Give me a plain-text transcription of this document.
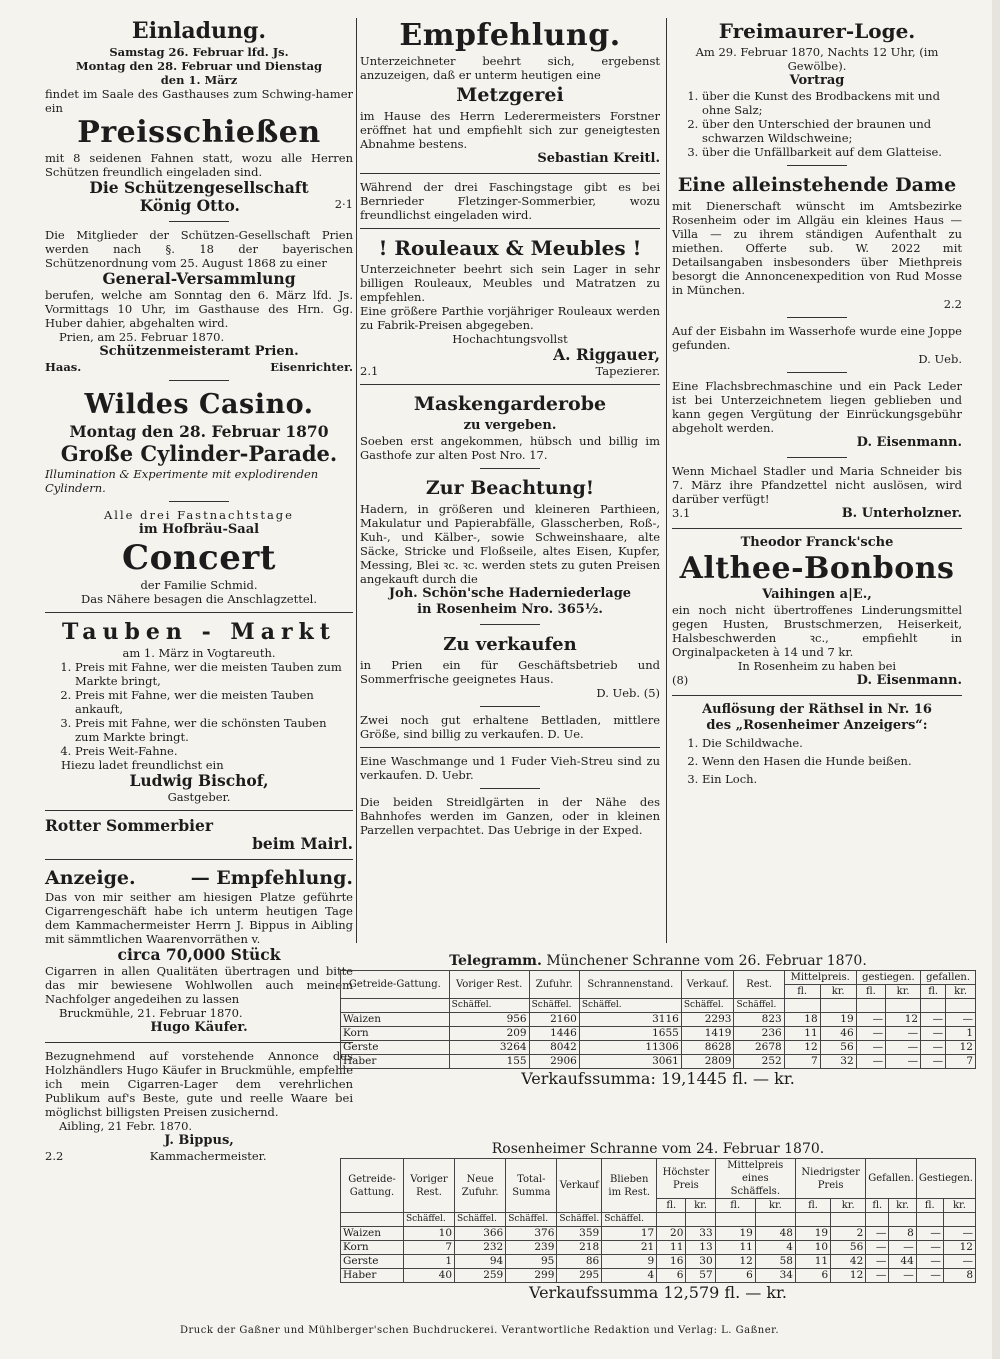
Einladung.
Samstag 26. Februar lfd. Js.
Montag den 28. Februar und Dienstag
den 1. März
findet im Saale des Gasthauses zum Schwing-hamer ein
Preisschießen
mit 8 seidenen Fahnen statt, wozu alle Herren Schützen freundlich eingeladen sind.
Die Schützengesellschaft
König Otto.	2·1
Die Mitglieder der Schützen-Gesellschaft Prien werden nach §. 18 der bayerischen Schützenordnung vom 25. August 1868 zu einer
General-Versammlung
berufen, welche am Sonntag den 6. März lfd. Js. Vormittags 10 Uhr, im Gasthause des Hrn. Gg. Huber dahier, abgehalten wird.
Prien, am 25. Februar 1870.
Schützenmeisteramt Prien.
Haas.	Eisenrichter.
Wildes Casino.
Montag den 28. Februar 1870
Große Cylinder-Parade.
Illumination & Experimente mit explodirenden Cylindern.
Alle drei Fastnachtstage
im Hofbräu-Saal
Concert
der Familie Schmid.
Das Nähere besagen die Anschlagzettel.
Tauben - Markt
am 1. März in Vogtareuth.
1. Preis mit Fahne, wer die meisten Tauben zum Markte bringt,
2. Preis mit Fahne, wer die meisten Tauben ankauft,
3. Preis mit Fahne, wer die schönsten Tauben zum Markte bringt.
4. Preis Weit-Fahne.
Hiezu ladet freundlichst ein
Ludwig Bischof,
Gastgeber.
Rotter Sommerbier
beim Mairl.
Anzeige.	— Empfehlung.
Das von mir seither am hiesigen Platze geführte Cigarrengeschäft habe ich unterm heutigen Tage dem Kammachermeister Herrn J. Bippus in Aibling mit sämmtlichen Waarenvorräthen v.
circa 70,000 Stück
Cigarren in allen Qualitäten übertragen und bitte das mir bewiesene Wohlwollen auch meinem Nachfolger angedeihen zu lassen
Bruckmühle, 21. Februar 1870.
Hugo Käufer.
Bezugnehmend auf vorstehende Annonce des Holzhändlers Hugo Käufer in Bruckmühle, empfehle ich mein Cigarren-Lager dem verehrlichen Publikum auf's Beste, gute und reelle Waare bei möglichst billigsten Preisen zusichernd.
Aibling, 21 Febr. 1870.
J. Bippus,
2.2	Kammachermeister.
Empfehlung.
Unterzeichneter beehrt sich, ergebenst anzuzeigen, daß er unterm heutigen eine
Metzgerei
im Hause des Herrn Lederermeisters Forstner eröffnet hat und empfiehlt sich zur geneigtesten Abnahme bestens.
Sebastian Kreitl.
Während der drei Faschingstage gibt es bei Bernrieder Fletzinger-Sommerbier, wozu freundlichst eingeladen wird.
! Rouleaux & Meubles !
Unterzeichneter beehrt sich sein Lager in sehr billigen Rouleaux, Meubles und Matratzen zu empfehlen.
Eine größere Parthie vorjähriger Rouleaux werden zu Fabrik-Preisen abgegeben.
Hochachtungsvollst
A. Riggauer,
2.1	Tapezierer.
Maskengarderobe
zu vergeben.
Soeben erst angekommen, hübsch und billig im Gasthofe zur alten Post Nro. 17.
Zur Beachtung!
Hadern, in größeren und kleineren Parthieen, Makulatur und Papierabfälle, Glasscherben, Roß-, Kuh-, und Kälber-, sowie Schweinshaare, alte Säcke, Stricke und Floßseile, altes Eisen, Kupfer, Messing, Blei ꝛc. ꝛc. werden stets zu guten Preisen angekauft durch die
Joh. Schön'sche Haderniederlage
in Rosenheim Nro. 365½.
Zu verkaufen
in Prien ein für Geschäftsbetrieb und Sommerfrische geeignetes Haus.
D. Ueb. (5)
Zwei noch gut erhaltene Bettladen, mittlere Größe, sind billig zu verkaufen. D. Ue.
Eine Waschmange und 1 Fuder Vieh-Streu sind zu verkaufen. D. Uebr.
Die beiden Streidlgärten in der Nähe des Bahnhofes werden im Ganzen, oder in kleinen Parzellen verpachtet. Das Uebrige in der Exped.
Freimaurer-Loge.
Am 29. Februar 1870, Nachts 12 Uhr, (im Gewölbe).
Vortrag
1. über die Kunst des Brodbackens mit und ohne Salz;
2. über den Unterschied der braunen und schwarzen Wildschweine;
3. über die Unfällbarkeit auf dem Glatteise.
Eine alleinstehende Dame
mit Dienerschaft wünscht im Amtsbezirke Rosenheim oder im Allgäu ein kleines Haus — Villa — zu ihrem ständigen Aufenthalt zu miethen. Offerte sub. W. 2022 mit Detailsangaben insbesonders über Miethpreis besorgt die Annoncenexpedition von Rud Mosse in München.
2.2
Auf der Eisbahn im Wasserhofe wurde eine Joppe gefunden.
D. Ueb.
Eine Flachsbrechmaschine und ein Pack Leder ist bei Unterzeichnetem liegen geblieben und kann gegen Vergütung der Einrückungsgebühr abgeholt werden.
D. Eisenmann.
Wenn Michael Stadler und Maria Schneider bis 7. März ihre Pfandzettel nicht auslösen, wird darüber verfügt!
3.1	B. Unterholzner.
Theodor Franck'sche
Althee-Bonbons
Vaihingen a|E.,
ein noch nicht übertroffenes Linderungsmittel gegen Husten, Brustschmerzen, Heiserkeit, Halsbeschwerden ꝛc., empfiehlt in Orginalpacketen à 14 und 7 kr.
In Rosenheim zu haben bei
(8)	D. Eisenmann.
Auflösung der Räthsel in Nr. 16
des „Rosenheimer Anzeigers“:
1. Die Schildwache.
2. Wenn den Hasen die Hunde beißen.
3. Ein Loch.
Telegramm. Münchener Schranne vom 26. Februar 1870.
Getreide-Gattung.	Voriger Rest.	Zufuhr.	Schrannenstand.	Verkauf.	Rest.	Mittelpreis.		gestiegen.		gefallen.	
						fl.	kr.	fl.	kr.	fl.	kr.
	Schäffel.	Schäffel.	Schäffel.	Schäffel.	Schäffel.						
Waizen	956	2160	3116	2293	823	18	19	—	12	—	—
Korn	209	1446	1655	1419	236	11	46	—	—	—	1
Gerste	3264	8042	11306	8628	2678	12	56	—	—	—	12
Haber	155	2906	3061	2809	252	7	32	—	—	—	7
Verkaufssumma: 19,1445 fl. — kr.
Rosenheimer Schranne vom 24. Februar 1870.
Getreide-Gattung.	Voriger Rest.	Neue Zufuhr.	Total-Summa	Verkauf	Blieben im Rest.	Höchster Preis		Mittelpreis eines Schäffels.		Niedrigster Preis		Gefallen.		Gestiegen.	
						fl.	kr.	fl.	kr.	fl.	kr.	fl.	kr.	fl.	kr.
	Schäffel.	Schäffel.	Schäffel.	Schäffel.	Schäffel.										
Waizen	10	366	376	359	17	20	33	19	48	19	2	—	8	—	—
Korn	7	232	239	218	21	11	13	11	4	10	56	—	—	—	12
Gerste	1	94	95	86	9	16	30	12	58	11	42	—	44	—	—
Haber	40	259	299	295	4	6	57	6	34	6	12	—	—	—	8
Verkaufssumma 12,579 fl. — kr.
Druck der Gaßner und Mühlberger'schen Buchdruckerei. Verantwortliche Redaktion und Verlag: L. Gaßner.
